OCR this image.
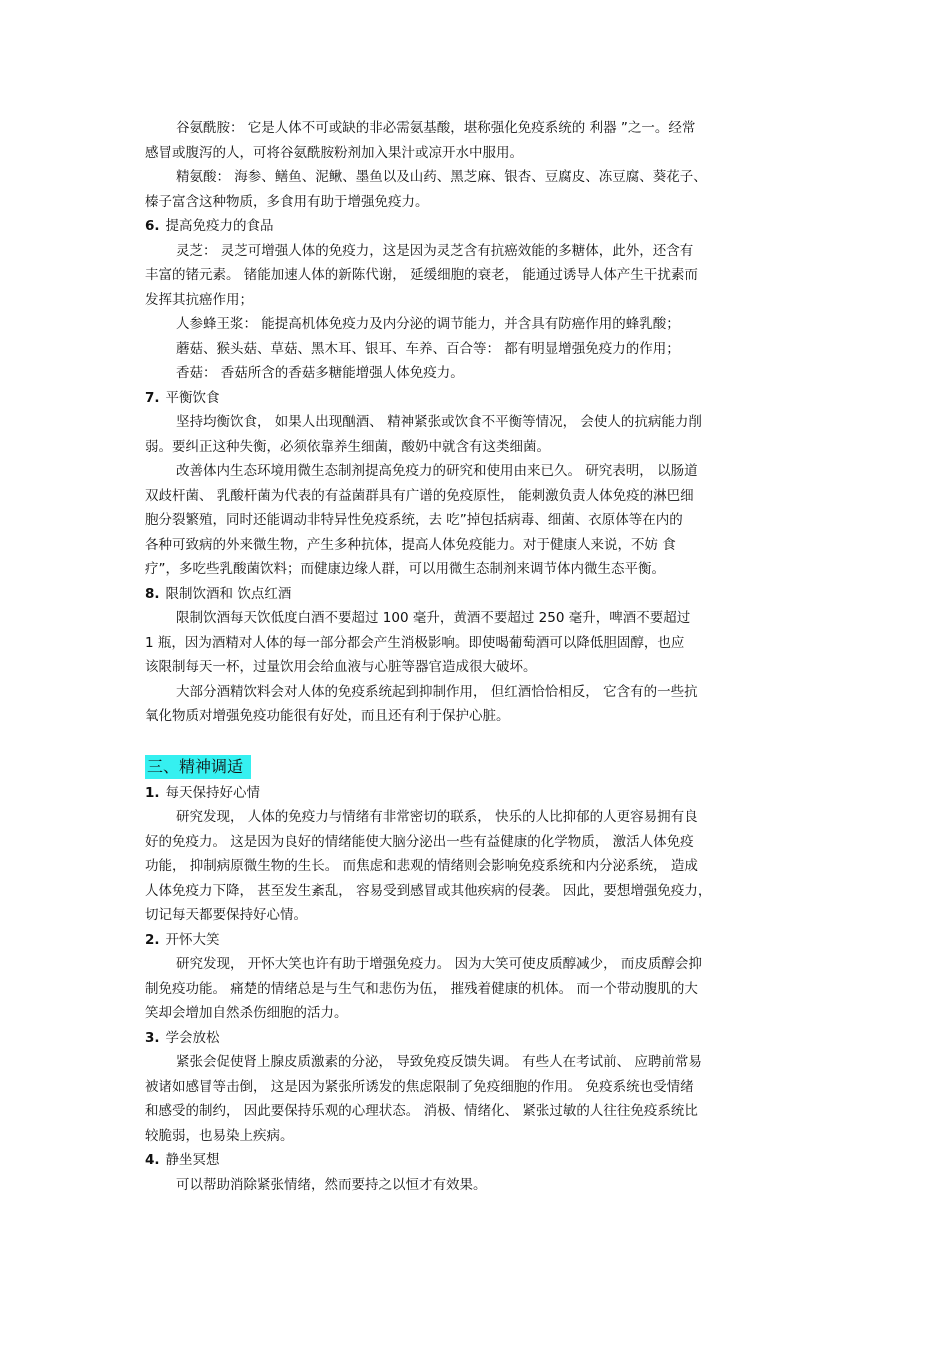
谷氨酰胺： 它是人体不可或缺的非必需氨基酸，堪称强化免疫系统的 利器 ”之一。经常
感冒或腹泻的人，可将谷氨酰胺粉剂加入果汁或凉开水中服用。
精氨酸： 海参、鳝鱼、泥鳅、墨鱼以及山药、黑芝麻、银杏、豆腐皮、冻豆腐、葵花子、
榛子富含这种物质，多食用有助于增强免疫力。
6. 提高免疫力的食品
灵芝： 灵芝可增强人体的免疫力，这是因为灵芝含有抗癌效能的多糖体，此外，还含有
丰富的锗元素。 锗能加速人体的新陈代谢， 延缓细胞的衰老， 能通过诱导人体产生干扰素而
发挥其抗癌作用；
人参蜂王浆： 能提高机体免疫力及内分泌的调节能力，并含具有防癌作用的蜂乳酸；
蘑菇、猴头菇、草菇、黑木耳、银耳、车养、百合等： 都有明显增强免疫力的作用；
香菇： 香菇所含的香菇多糖能增强人体免疫力。
7. 平衡饮食
坚持均衡饮食， 如果人出现酗酒、 精神紧张或饮食不平衡等情况， 会使人的抗病能力削
弱。要纠正这种失衡，必须依靠养生细菌，酸奶中就含有这类细菌。
改善体内生态环境用微生态制剂提高免疫力的研究和使用由来已久。 研究表明， 以肠道
双歧杆菌、 乳酸杆菌为代表的有益菌群具有广谱的免疫原性， 能刺激负责人体免疫的淋巴细
胞分裂繁殖，同时还能调动非特异性免疫系统，去 吃”掉包括病毒、细菌、衣原体等在内的
各种可致病的外来微生物，产生多种抗体，提高人体免疫能力。对于健康人来说，不妨 食
疗”，多吃些乳酸菌饮料；而健康边缘人群，可以用微生态制剂来调节体内微生态平衡。
8. 限制饮酒和 饮点红酒
限制饮酒每天饮低度白酒不要超过 100 毫升，黄酒不要超过 250 毫升，啤酒不要超过
1 瓶，因为酒精对人体的每一部分都会产生消极影响。即使喝葡萄酒可以降低胆固醇，也应
该限制每天一杯，过量饮用会给血液与心脏等器官造成很大破坏。
大部分酒精饮料会对人体的免疫系统起到抑制作用， 但红酒恰恰相反， 它含有的一些抗
氧化物质对增强免疫功能很有好处，而且还有利于保护心脏。
三、精神调适
1. 每天保持好心情
研究发现， 人体的免疫力与情绪有非常密切的联系， 快乐的人比抑郁的人更容易拥有良
好的免疫力。 这是因为良好的情绪能使大脑分泌出一些有益健康的化学物质， 激活人体免疫
功能， 抑制病原微生物的生长。 而焦虑和悲观的情绪则会影响免疫系统和内分泌系统， 造成
人体免疫力下降， 甚至发生紊乱， 容易受到感冒或其他疾病的侵袭。 因此，要想增强免疫力，
切记每天都要保持好心情。
2. 开怀大笑
研究发现， 开怀大笑也许有助于增强免疫力。 因为大笑可使皮质醇减少， 而皮质醇会抑
制免疫功能。 痛楚的情绪总是与生气和悲伤为伍， 摧残着健康的机体。 而一个带动腹肌的大
笑却会增加自然杀伤细胞的活力。
3. 学会放松
紧张会促使肾上腺皮质激素的分泌， 导致免疫反馈失调。 有些人在考试前、 应聘前常易
被诸如感冒等击倒， 这是因为紧张所诱发的焦虑限制了免疫细胞的作用。 免疫系统也受情绪
和感受的制约， 因此要保持乐观的心理状态。 消极、情绪化、 紧张过敏的人往往免疫系统比
较脆弱，也易染上疾病。
4. 静坐冥想
可以帮助消除紧张情绪，然而要持之以恒才有效果。
